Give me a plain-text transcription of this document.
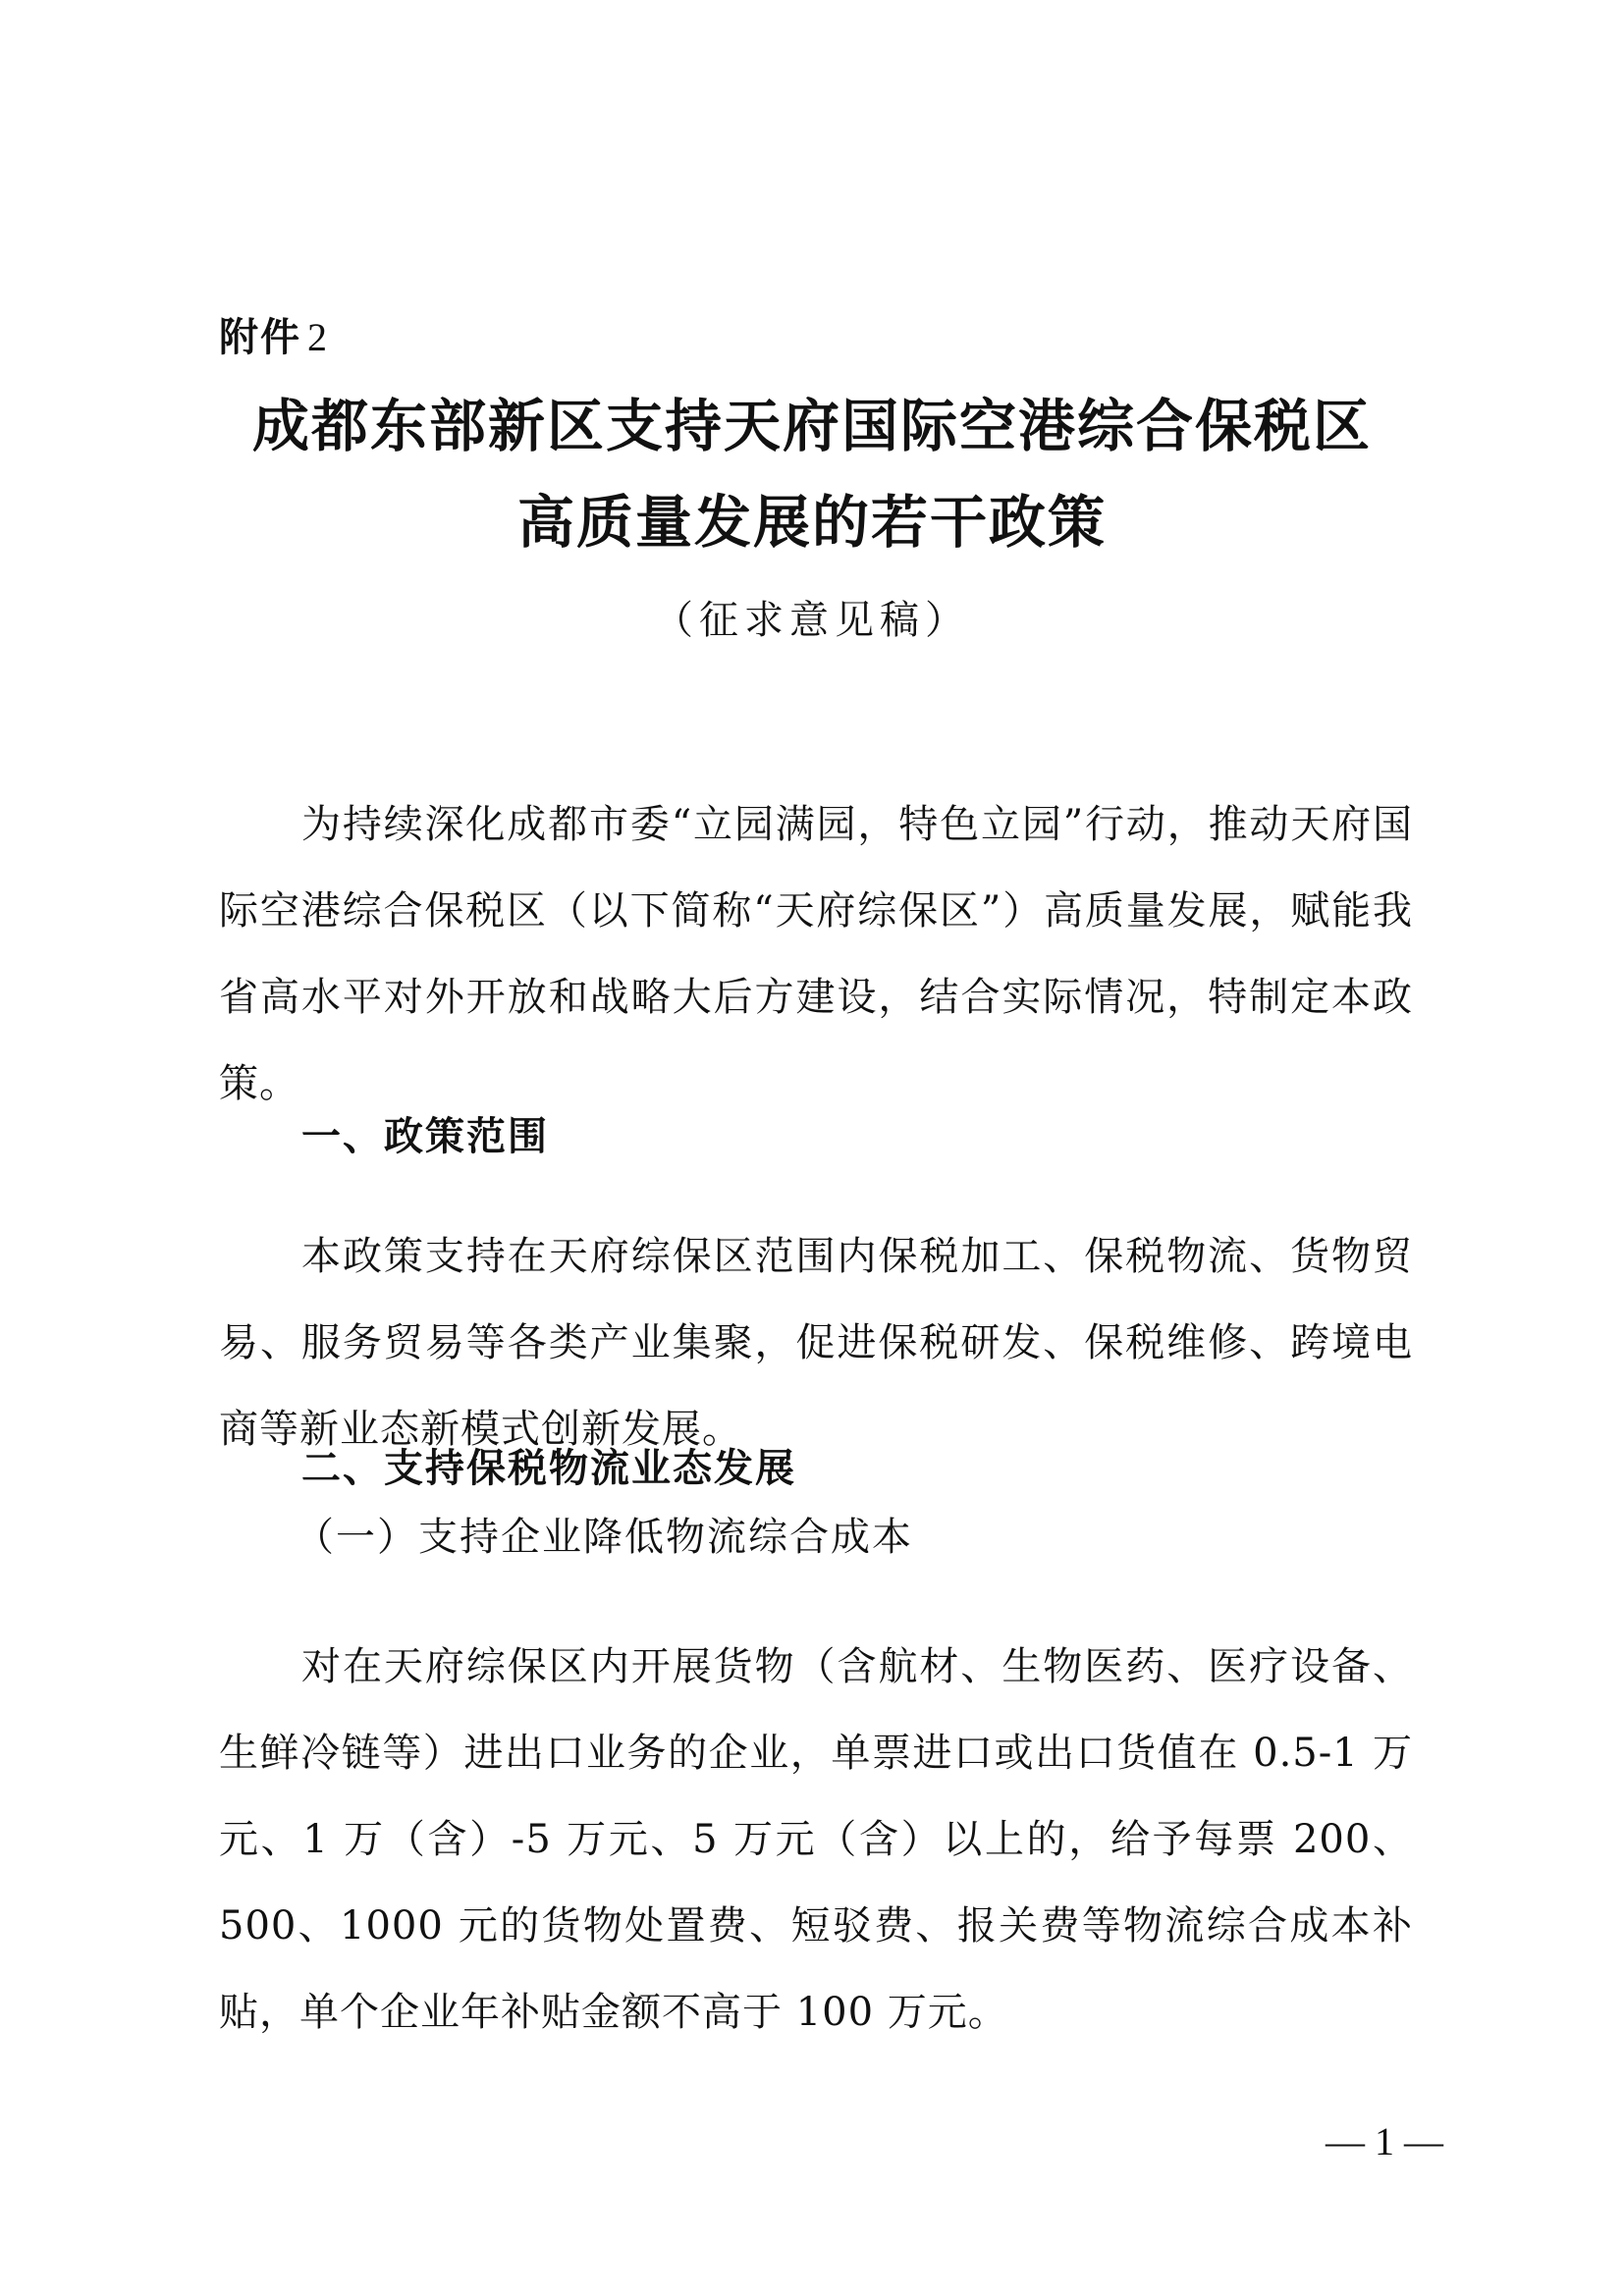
附件 2
成都东部新区支持天府国际空港综合保税区
高质量发展的若干政策
（征求意见稿）

为持续深化成都市委“立园满园，特色立园”行动，推动天府国际空港综合保税区（以下简称“天府综保区”）高质量发展，赋能我省高水平对外开放和战略大后方建设，结合实际情况，特制定本政策。

一、政策范围

本政策支持在天府综保区范围内保税加工、保税物流、货物贸易、服务贸易等各类产业集聚，促进保税研发、保税维修、跨境电商等新业态新模式创新发展。

二、支持保税物流业态发展
（一）支持企业降低物流综合成本

对在天府综保区内开展货物（含航材、生物医药、医疗设备、生鲜冷链等）进出口业务的企业，单票进口或出口货值在 0.5-1 万元、1 万（含）-5 万元、5 万元（含）以上的，给予每票 200、500、1000 元的货物处置费、短驳费、报关费等物流综合成本补贴，单个企业年补贴金额不高于 100 万元。

— 1 —
